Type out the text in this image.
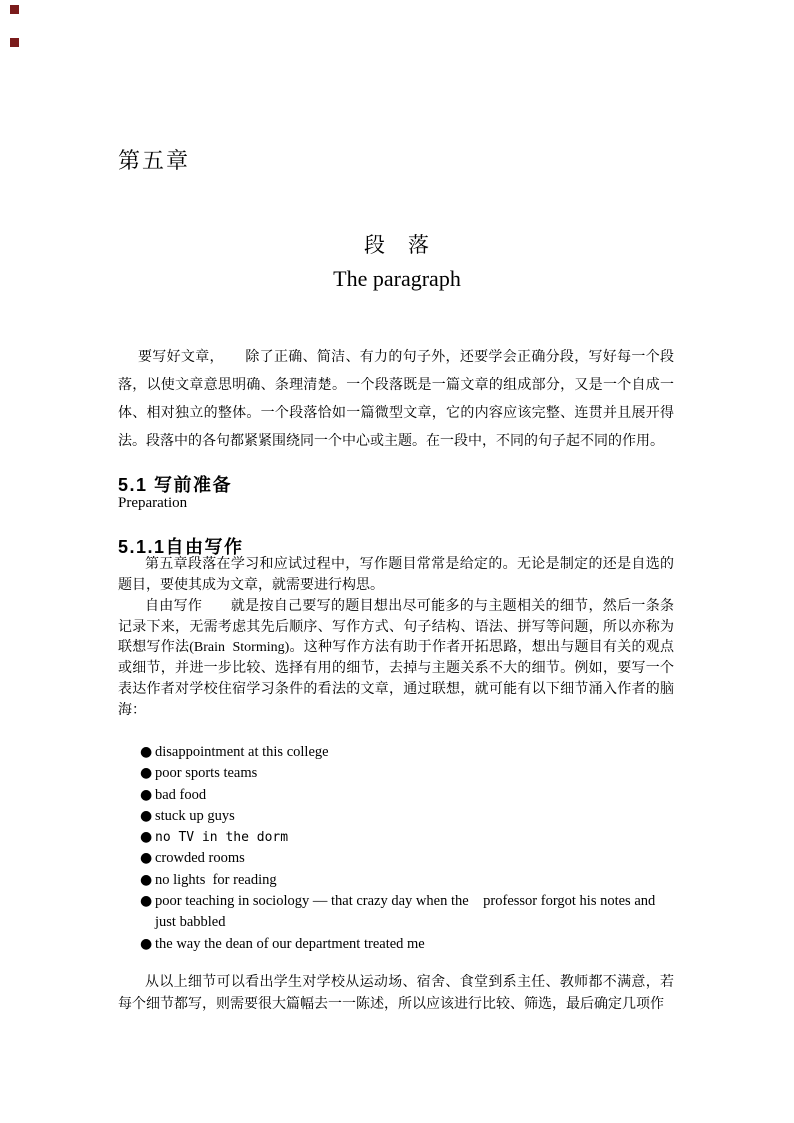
第五章
段　落
The paragraph
要写好文章，　　除了正确、简洁、有力的句子外，还要学会正确分段，写好每一个段落，以使文章意思明确、条理清楚。一个段落既是一篇文章的组成部分，又是一个自成一体、相对独立的整体。一个段落恰如一篇微型文章，它的内容应该完整、连贯并且展开得法。段落中的各句都紧紧围绕同一个中心或主题。在一段中，不同的句子起不同的作用。
5.1 写前准备
Preparation
5.1.1自由写作
第五章段落在学习和应试过程中，写作题目常常是给定的。无论是制定的还是自选的题目，要使其成为文章，就需要进行构思。
自由写作　　就是按自己要写的题目想出尽可能多的与主题相关的细节，然后一条条记录下来，无需考虑其先后顺序、写作方式、句子结构、语法、拼写等问题，所以亦称为联想写作法(Brain  Storming)。这种写作方法有助于作者开拓思路，想出与题目有关的观点或细节，并进一步比较、选择有用的细节，去掉与主题关系不大的细节。例如，要写一个表达作者对学校住宿学习条件的看法的文章，通过联想，就可能有以下细节涌入作者的脑海：
● disappointment at this college
● poor sports teams
● bad food
● stuck up guys
● no TV in the dorm
● crowded rooms
● no lights  for reading
● poor teaching in sociology — that crazy day when the    professor forgot his notes and just babbled
● the way the dean of our department treated me
从以上细节可以看出学生对学校从运动场、宿舍、食堂到系主任、教师都不满意，若每个细节都写，则需要很大篇幅去一一陈述，所以应该进行比较、筛选，最后确定几项作
